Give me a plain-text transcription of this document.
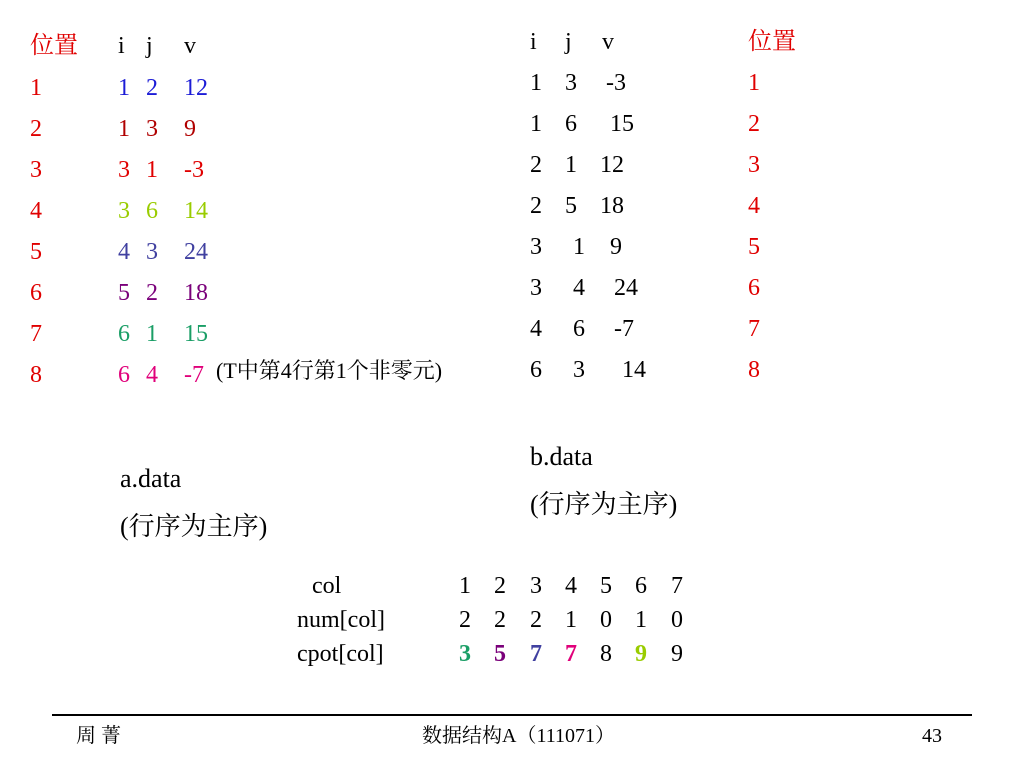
位置 i j v
1	1 2 12
2	1 3 9
3	3 1 -3
4	3 6 14
5	4 3 24
6	5 2 18
7	6 1 15
8	6 4 -7 (T中第4行第1个非零元)
a.data
(行序为主序)
i j v	位置
1 3 -3	1
1 6 15	2
2 1 12	3
2 5 18	4
3 1 9	5
3 4 24	6
4 6 -7	7
6 3 14	8
b.data
(行序为主序)
col	1 2 3 4 5 6 7
num[col]	2 2 2 1 0 1 0
cpot[col]	3 5 7 7 8 9 9
周 菁	数据结构A（111071）	43
